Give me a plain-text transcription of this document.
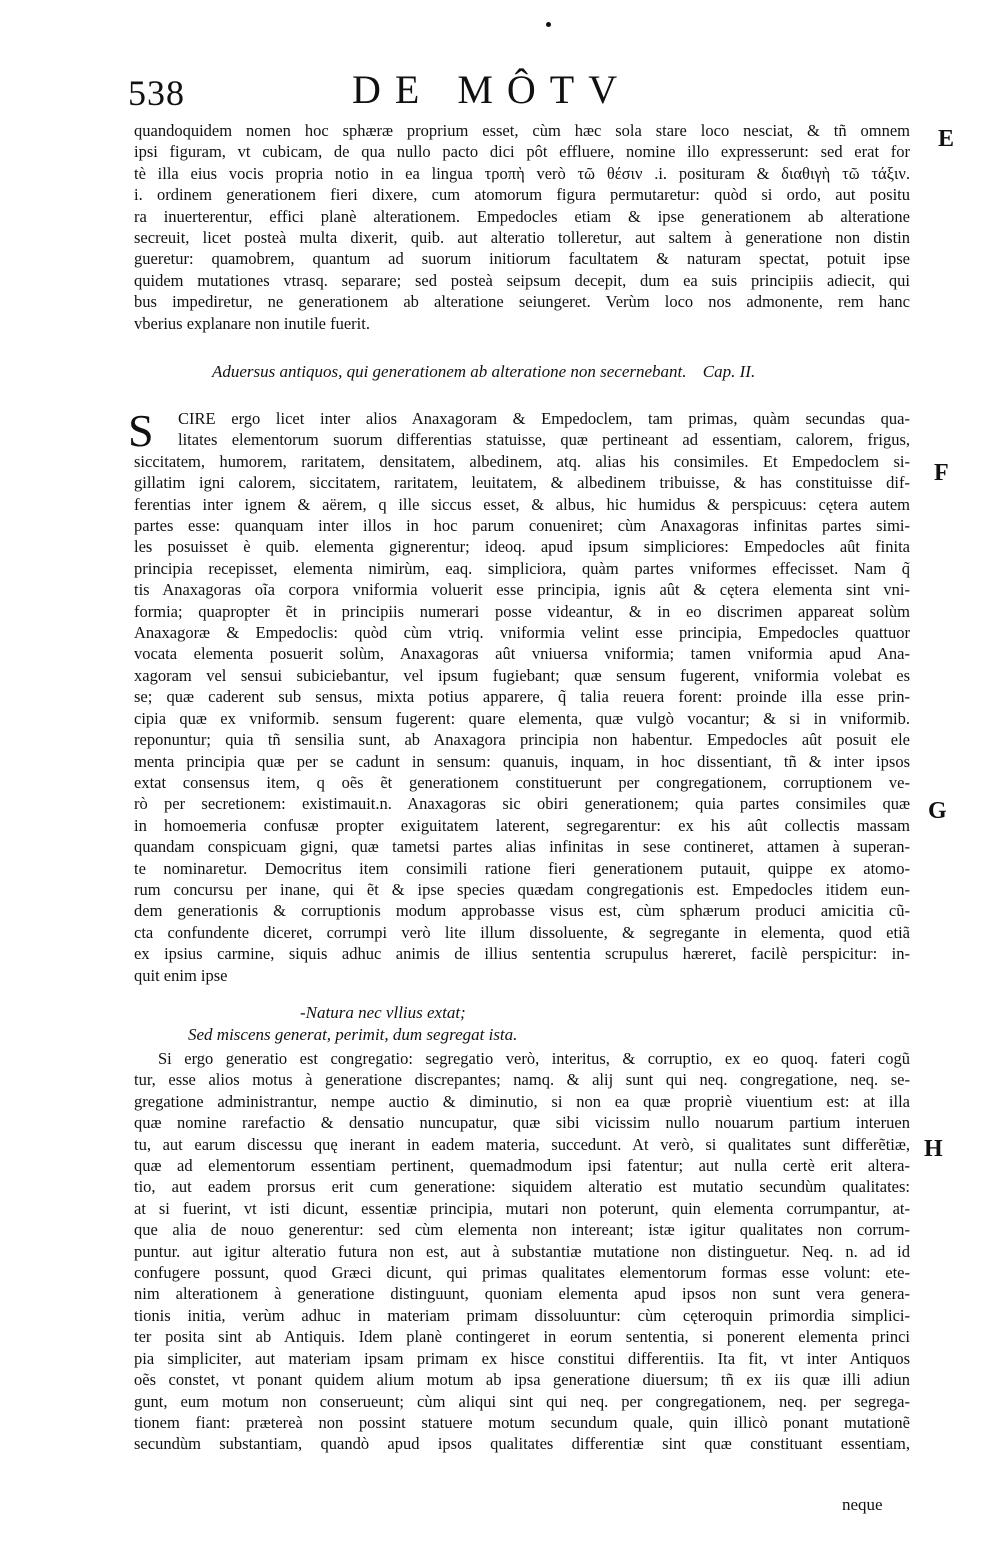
538	DE MÔTV
E
F
G
H
quandoquidem nomen hoc sphæræ proprium esset, cùm hæc sola stare loco nesciat, & tñ omnem
ipsi figuram, vt cubicam, de qua nullo pacto dici pôt effluere, nomine illo expresserunt: sed erat for
tè illa eius vocis propria notio in ea lingua τροπὴ verò τῶ θέσιν .i. posituram & διαθιγὴ τῶ τάξιν.
i. ordinem generationem fieri dixere, cum atomorum figura permutaretur: quòd si ordo, aut positu
ra inuerterentur, effici planè alterationem. Empedocles etiam & ipse generationem ab alteratione
secreuit, licet posteà multa dixerit, quib. aut alteratio tolleretur, aut saltem à generatione non distin
gueretur: quamobrem, quantum ad suorum initiorum facultatem & naturam spectat, potuit ipse
quidem mutationes vtrasq. separare; sed posteà seipsum decepit, dum ea suis principiis adiecit, qui
bus impediretur, ne generationem ab alteratione seiungeret. Verùm loco nos admonente, rem hanc
vberius explanare non inutile fuerit.
Aduersus antiquos, qui generationem ab alteratione non secernebant. Cap. II.
S	CIRE ergo licet inter alios Anaxagoram & Empedoclem, tam primas, quàm secundas qua-
litates elementorum suorum differentias statuisse, quæ pertineant ad essentiam, calorem, frigus,
siccitatem, humorem, raritatem, densitatem, albedinem, atq. alias his consimiles. Et Empedoclem si-
gillatim igni calorem, siccitatem, raritatem, leuitatem, & albedinem tribuisse, & has constituisse dif-
ferentias inter ignem & aërem, q ille siccus esset, & albus, hic humidus & perspicuus: cętera autem
partes esse: quanquam inter illos in hoc parum conueniret; cùm Anaxagoras infinitas partes simi-
les posuisset è quib. elementa gignerentur; ideoq. apud ipsum simpliciores: Empedocles aût finita
principia recepisset, elementa nimirùm, eaq. simpliciora, quàm partes vniformes effecisset. Nam q̃
tis Anaxagoras oĩa corpora vniformia voluerit esse principia, ignis aût & cętera elementa sint vni-
formia; quapropter ẽt in principiis numerari posse videantur, & in eo discrimen appareat solùm
Anaxagoræ & Empedoclis: quòd cùm vtriq. vniformia velint esse principia, Empedocles quattuor
vocata elementa posuerit solùm, Anaxagoras aût vniuersa vniformia; tamen vniformia apud Ana-
xagoram vel sensui subiciebantur, vel ipsum fugiebant; quæ sensum fugerent, vniformia volebat es
se; quæ caderent sub sensus, mixta potius apparere, q̃ talia reuera forent: proinde illa esse prin-
cipia quæ ex vniformib. sensum fugerent: quare elementa, quæ vulgò vocantur; & si in vniformib.
reponuntur; quia tñ sensilia sunt, ab Anaxagora principia non habentur. Empedocles aût posuit ele
menta principia quæ per se cadunt in sensum: quanuis, inquam, in hoc dissentiant, tñ & inter ipsos
extat consensus item, q oẽs ẽt generationem constituerunt per congregationem, corruptionem ve-
rò per secretionem: existimauit.n. Anaxagoras sic obiri generationem; quia partes consimiles quæ
in homoemeria confusæ propter exiguitatem laterent, segregarentur: ex his aût collectis massam
quandam conspicuam gigni, quæ tametsi partes alias infinitas in sese contineret, attamen à superan-
te nominaretur. Democritus item consimili ratione fieri generationem putauit, quippe ex atomo-
rum concursu per inane, qui ẽt & ipse species quædam congregationis est. Empedocles itidem eun-
dem generationis & corruptionis modum approbasse visus est, cùm sphærum produci amicitia cũ-
cta confundente diceret, corrumpi verò lite illum dissoluente, & segregante in elementa, quod etiã
ex ipsius carmine, siquis adhuc animis de illius sententia scrupulus hæreret, facilè perspicitur: in-
quit enim ipse
-Natura nec vllius extat;
Sed miscens generat, perimit, dum segregat ista.
Si ergo generatio est congregatio: segregatio verò, interitus, & corruptio, ex eo quoq. fateri cogũ
tur, esse alios motus à generatione discrepantes; namq. & alij sunt qui neq. congregatione, neq. se-
gregatione administrantur, nempe auctio & diminutio, si non ea quæ propriè viuentium est: at illa
quæ nomine rarefactio & densatio nuncupatur, quæ sibi vicissim nullo nouarum partium interuen
tu, aut earum discessu quę inerant in eadem materia, succedunt. At verò, si qualitates sunt differẽtiæ,
quæ ad elementorum essentiam pertinent, quemadmodum ipsi fatentur; aut nulla certè erit altera-
tio, aut eadem prorsus erit cum generatione: siquidem alteratio est mutatio secundùm qualitates:
at si fuerint, vt isti dicunt, essentiæ principia, mutari non poterunt, quin elementa corrumpantur, at-
que alia de nouo generentur: sed cùm elementa non intereant; istæ igitur qualitates non corrum-
puntur. aut igitur alteratio futura non est, aut à substantiæ mutatione non distinguetur. Neq. n. ad id
confugere possunt, quod Græci dicunt, qui primas qualitates elementorum formas esse volunt: ete-
nim alterationem à generatione distinguunt, quoniam elementa apud ipsos non sunt vera genera-
tionis initia, verùm adhuc in materiam primam dissoluuntur: cùm cęteroquin primordia simplici-
ter posita sint ab Antiquis. Idem planè contingeret in eorum sententia, si ponerent elementa princi
pia simpliciter, aut materiam ipsam primam ex hisce constitui differentiis. Ita fit, vt inter Antiquos
oẽs constet, vt ponant quidem alium motum ab ipsa generatione diuersum; tñ ex iis quæ illi adiun
gunt, eum motum non conserueunt; cùm aliqui sint qui neq. per congregationem, neq. per segrega-
tionem fiant: prætereà non possint statuere motum secundum quale, quin illicò ponant mutationẽ
secundùm substantiam, quandò apud ipsos qualitates differentiæ sint quæ constituant essentiam,
neque
